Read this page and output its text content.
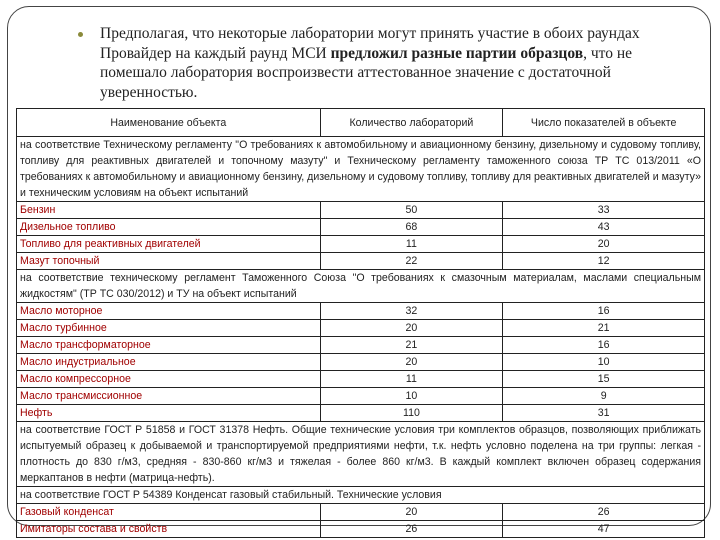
Предполагая, что некоторые лаборатории могут принять участие в обоих раундах Провайдер на каждый раунд МСИ предложил разные партии образцов, что не помешало лаборатория воспроизвести аттестованное значение с достаточной уверенностью.
Наименование объекта	Количество лабораторий	Число показателей в объекте
на соответствие Техническому регламенту "О требованиях к автомобильному и авиационному бензину, дизельному и судовому топливу, топливу для реактивных двигателей и топочному мазуту" и Техническому регламенту таможенного союза ТР ТС 013/2011 «О требованиях к автомобильному и авиационному бензину, дизельному и судовому топливу, топливу для реактивных двигателей и мазуту» и техническим условиям на объект испытаний		
Бензин	50	33
Дизельное топливо	68	43
Топливо для реактивных двигателей	11	20
Мазут топочный	22	12
на соответствие техническому регламент Таможенного Союза "О требованиях к смазочным материалам, маслами специальным жидкостям" (ТР ТС 030/2012) и ТУ на объект испытаний		
Масло моторное	32	16
Масло турбинное	20	21
Масло трансформаторное	21	16
Масло индустриальное	20	10
Масло компрессорное	11	15
Масло трансмиссионное	10	9
Нефть	110	31
на соответствие ГОСТ Р 51858 и ГОСТ 31378 Нефть. Общие технические условия три комплектов образцов, позволяющих приближать испытуемый образец к добываемой и транспортируемой предприятиями нефти, т.к. нефть условно поделена на три группы: легкая - плотность до 830 г/м3, средняя - 830-860 кг/м3 и тяжелая - более 860 кг/м3. В каждый комплект включен образец содержания меркаптанов в нефти (матрица-нефть).		
на соответствие ГОСТ Р 54389 Конденсат газовый стабильный. Технические условия		
Газовый конденсат	20	26
Имитаторы состава и свойств	26	47
